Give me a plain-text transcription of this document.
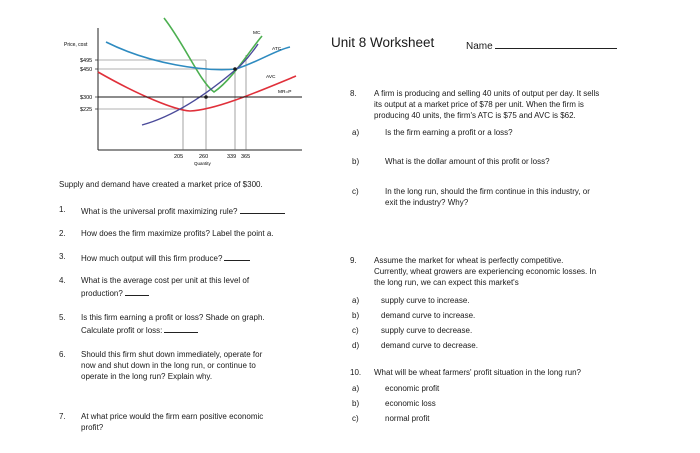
Price, cost
$495
$450
$300
$225
MC
ATC
AVC
MR=P
205	260	339 365
Quantity
Unit 8 Worksheet	Name
Supply and demand have created a market price of $300.
1. What is the universal profit maximizing rule?
2. How does the firm maximize profits? Label the point a.
3. How much output will this firm produce?
4. What is the average cost per unit at this level of
production?
5. Is this firm earning a profit or loss? Shade on graph.
Calculate profit or loss:
6. Should this firm shut down immediately, operate for
now and shut down in the long run, or continue to
operate in the long run? Explain why.
7. At what price would the firm earn positive economic
profit?
8. A firm is producing and selling 40 units of output per day. It sells
its output at a market price of $78 per unit. When the firm is
producing 40 units, the firm's ATC is $75 and AVC is $62.
a)	Is the firm earning a profit or a loss?
b)	What is the dollar amount of this profit or loss?
c)	In the long run, should the firm continue in this industry, or
exit the industry? Why?
9. Assume the market for wheat is perfectly competitive.
Currently, wheat growers are experiencing economic losses. In
the long run, we can expect this market's
a)	supply curve to increase.
b)	demand curve to increase.
c)	supply curve to decrease.
d)	demand curve to decrease.
10. What will be wheat farmers' profit situation in the long run?
a)	economic profit
b)	economic loss
c)	normal profit
